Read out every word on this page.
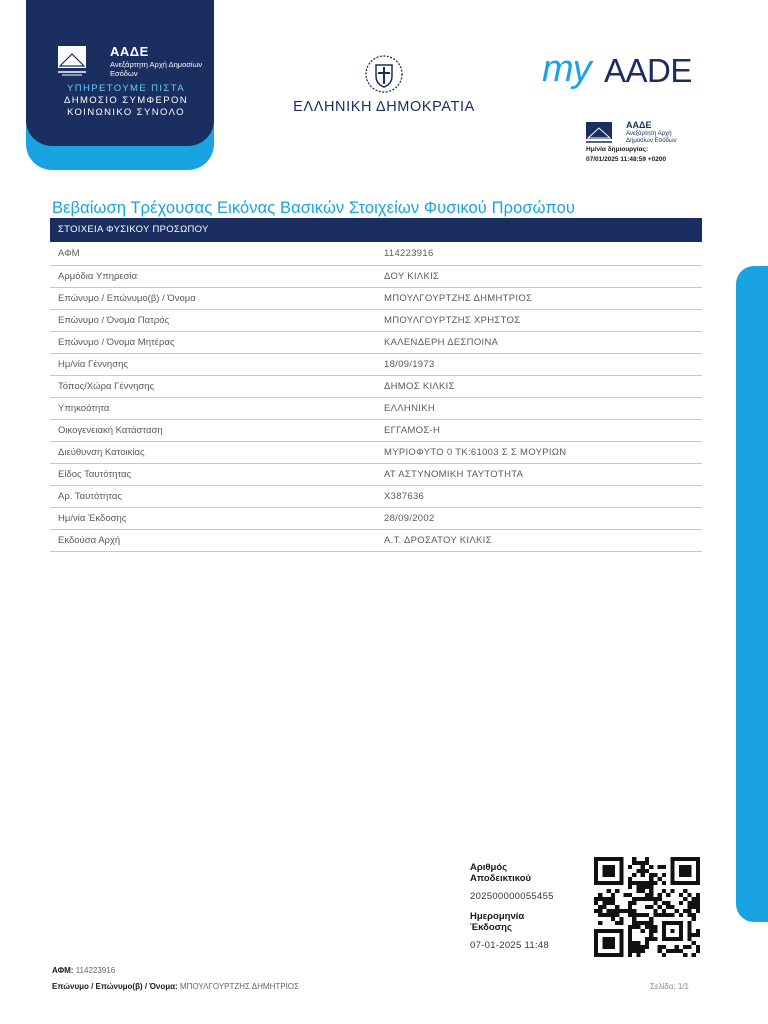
ΑΑΔΕ
Ανεξάρτητη Αρχή Δημοσίων Εσόδων
ΥΠΗΡΕΤΟΥΜΕ ΠΙΣΤΑ
ΔΗΜΟΣΙΟ ΣΥΜΦΕΡΟΝ
ΚΟΙΝΩΝΙΚΟ ΣΥΝΟΛΟ	ΕΛΛΗΝΙΚΗ ΔΗΜΟΚΡΑΤΙΑ
my AADE
ΑΑΔΕ
Ανεξάρτητη Αρχή Δημοσίων Εσόδων
Ημ/νία δημιουργίας:
07/01/2025 11:48:59 +0200
Βεβαίωση Τρέχουσας Εικόνας Βασικών Στοιχείων Φυσικού Προσώπου
ΣΤΟΙΧΕΙΑ ΦΥΣΙΚΟΥ ΠΡΟΣΩΠΟΥ
ΑΦΜ	114223916
Αρμόδια Υπηρεσία	ΔΟΥ ΚΙΛΚΙΣ
Επώνυμο / Επώνυμο(β) / Όνομα	ΜΠΟΥΛΓΟΥΡΤΖΗΣ ΔΗΜΗΤΡΙΟΣ
Επώνυμο / Όνομα Πατρός	ΜΠΟΥΛΓΟΥΡΤΖΗΣ ΧΡΗΣΤΟΣ
Επώνυμο / Όνομα Μητέρας	ΚΑΛΕΝΔΕΡΗ ΔΕΣΠΟΙΝΑ
Ημ/νία Γέννησης	18/09/1973
Τόπος/Χώρα Γέννησης	ΔΗΜΟΣ ΚΙΛΚΙΣ
Υπηκοότητα	ΕΛΛΗΝΙΚΗ
Οικογενειακή Κατάσταση	ΕΓΓΑΜΟΣ-Η
Διεύθυνση Κατοικίας	ΜΥΡΙΟΦΥΤΟ 0 ΤΚ:61003 Σ Σ ΜΟΥΡΙΩΝ
Είδος Ταυτότητας	ΑΤ ΑΣΤΥΝΟΜΙΚΗ ΤΑΥΤΟΤΗΤΑ
Αρ. Ταυτότητας	Χ387636
Ημ/νία Έκδοσης	28/09/2002
Εκδούσα Αρχή	Α.Τ. ΔΡΟΣΑΤΟΥ ΚΙΛΚΙΣ
Αριθμός Αποδεικτικού
202500000055455
Ημερομηνία Έκδοσης
07-01-2025 11:48
ΑΦΜ: 114223916
Επώνυμο / Επώνυμο(β) / Όνομα: ΜΠΟΥΛΓΟΥΡΤΖΗΣ ΔΗΜΗΤΡΙΟΣ	Σελίδα: 1/1
